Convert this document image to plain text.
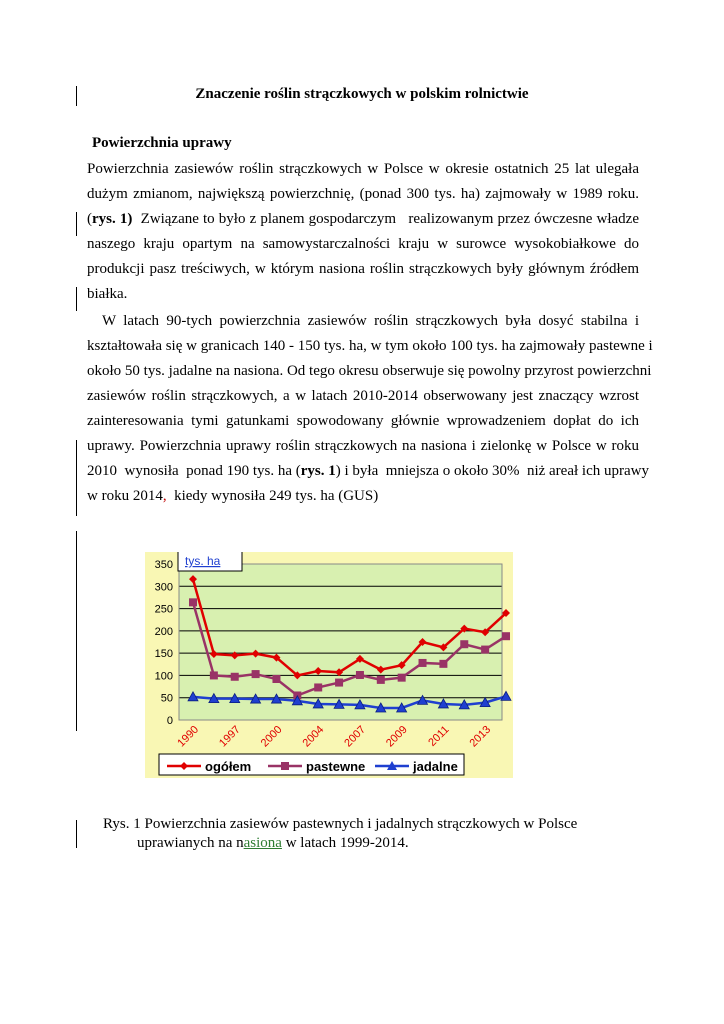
Znaczenie roślin strączkowych w polskim rolnictwie
Powierzchnia uprawy
Powierzchnia zasiewów roślin strączkowych w Polsce w okresie ostatnich 25 lat ulegała
dużym zmianom, największą powierzchnię, (ponad 300 tys. ha) zajmowały w 1989 roku.
(rys. 1)  Związane to było z planem gospodarczym   realizowanym przez ówczesne władze
naszego kraju opartym na samowystarczalności kraju w surowce wysokobiałkowe do
produkcji pasz treściwych, w którym nasiona roślin strączkowych były głównym źródłem
białka.
W latach 90-tych powierzchnia zasiewów roślin strączkowych była dosyć stabilna i
kształtowała się w granicach 140 - 150 tys. ha, w tym około 100 tys. ha zajmowały pastewne i
około 50 tys. jadalne na nasiona. Od tego okresu obserwuje się powolny przyrost powierzchni
zasiewów roślin strączkowych, a w latach 2010-2014 obserwowany jest znaczący wzrost
zainteresowania tymi gatunkami spowodowany głównie wprowadzeniem dopłat do ich
uprawy. Powierzchnia uprawy roślin strączkowych na nasiona i zielonkę w Polsce w roku
2010  wynosiła  ponad 190 tys. ha (rys. 1) i była  mniejsza o około 30%  niż areał ich uprawy
w roku 2014,  kiedy wynosiła 249 tys. ha (GUS)
0
50
100
150
200
250
300
350
1990 1997 2000 2004 2007 2009 2011 2013
tys. ha
ogółem	pastewne	jadalne
Rys. 1 Powierzchnia zasiewów pastewnych i jadalnych strączkowych w Polsce
uprawianych na nasiona w latach 1999-2014.
